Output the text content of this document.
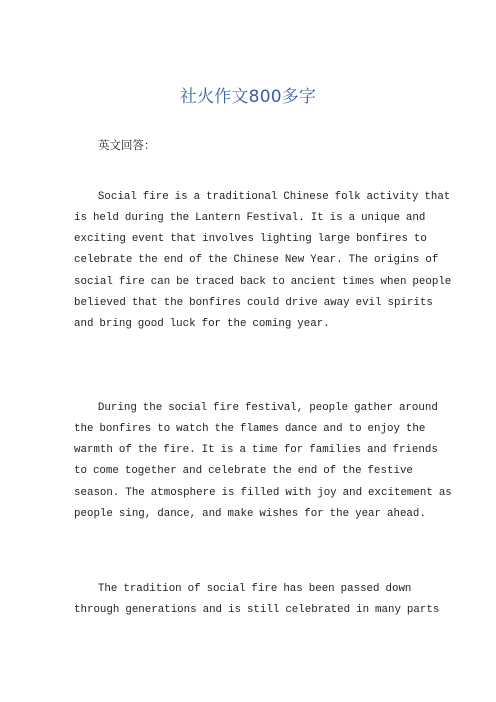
社火作文800多字
英文回答：
Social fire is a traditional Chinese folk activity that
is held during the Lantern Festival. It is a unique and
exciting event that involves lighting large bonfires to
celebrate the end of the Chinese New Year. The origins of
social fire can be traced back to ancient times when people
believed that the bonfires could drive away evil spirits
and bring good luck for the coming year.
During the social fire festival, people gather around
the bonfires to watch the flames dance and to enjoy the
warmth of the fire. It is a time for families and friends
to come together and celebrate the end of the festive
season. The atmosphere is filled with joy and excitement as
people sing, dance, and make wishes for the year ahead.
The tradition of social fire has been passed down
through generations and is still celebrated in many parts
